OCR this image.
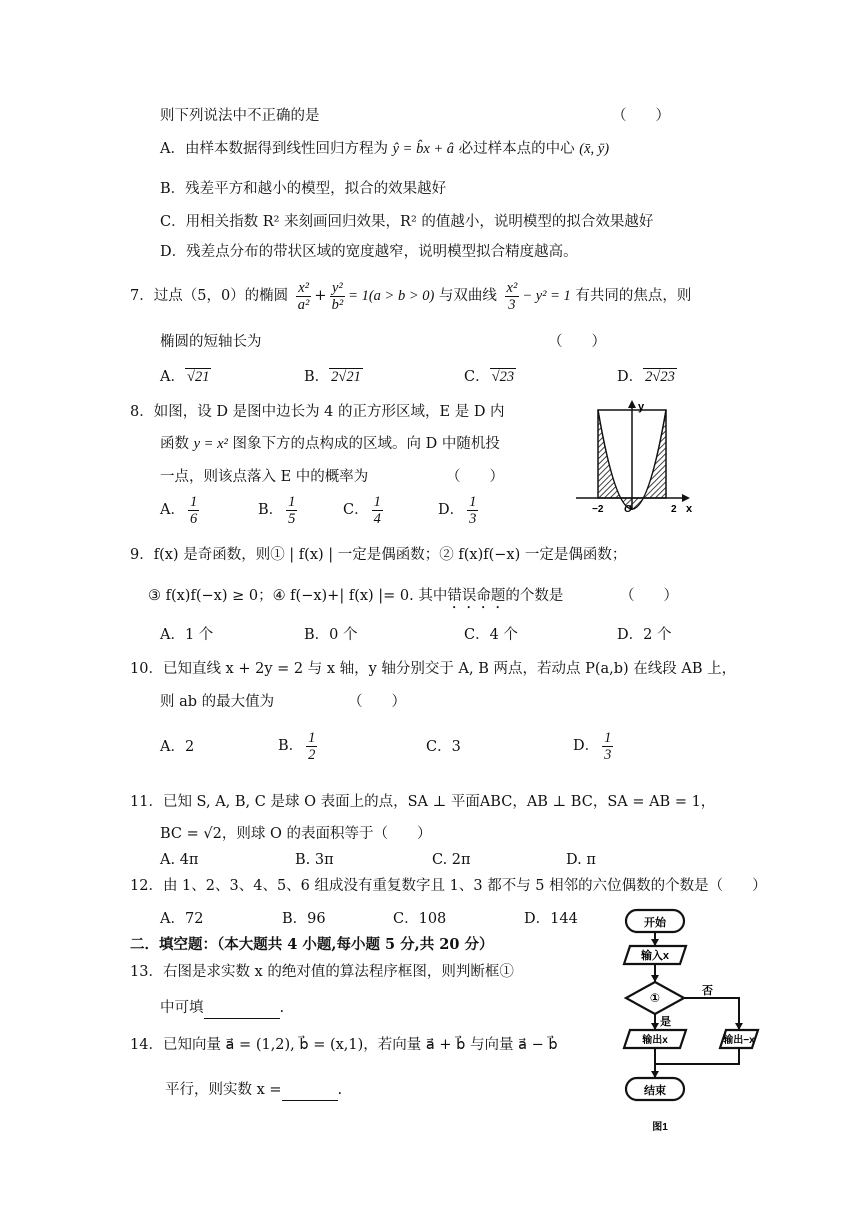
则下列说法中不正确的是	（　　）
A．由样本数据得到线性回归方程为 ŷ = b̂x + â 必过样本点的中心 (x̄, ȳ)
B．残差平方和越小的模型，拟合的效果越好
C．用相关指数 R² 来刻画回归效果，R² 的值越小，说明模型的拟合效果越好
D．残差点分布的带状区域的宽度越窄，说明模型拟合精度越高。
7．过点（5，0）的椭圆 $\frac{\text{x²}}{\text{a²}} + \frac{\text{y²}}{\text{b²}} = 1(a > b > 0)$ 与双曲线 $\frac{\text{x²}}{3} - y^2 = 1$ 有共同的焦点，则
椭圆的短轴长为	（　　）
A． √21	B． 2√21	C． √23	D． 2√23
8．如图，设 D 是图中边长为 4 的正方形区域，E 是 D 内
函数 y = x² 图象下方的点构成的区域。向 D 中随机投
一点，则该点落入 E 中的概率为	（　　）
A． $\frac{1}{6}$	B． $\frac{1}{5}$	C． $\frac{1}{4}$	D． $\frac{1}{3}$
y
x
−2 O	2
9．f(x) 是奇函数，则① | f(x) | 一定是偶函数；② f(x)f(−x) 一定是偶函数；
③ f(x)f(−x) ≥ 0；④ f(−x)+| f(x) |= 0. 其中错误命题的个数是	（　　）
A．1 个	B．0 个	C．4 个	D．2 个
10．已知直线 x + 2y = 2 与 x 轴，y 轴分别交于 A, B 两点，若动点 P(a,b) 在线段 AB 上，
则 ab 的最大值为	（　　）
A．2	B． $\frac{1}{2}$	C．3	D． $\frac{1}{3}$
11．已知 S, A, B, C 是球 O 表面上的点，SA ⊥ 平面ABC，AB ⊥ BC，SA = AB = 1，
BC = √2，则球 O 的表面积等于（　　）
A. 4π	B. 3π	C. 2π	D. π
12．由 1、2、3、4、5、6 组成没有重复数字且 1、3 都不与 5 相邻的六位偶数的个数是（　　）
A．72	B．96	C．108	D．144
二．填空题：（本大题共 4 小题,每小题 5 分,共 20 分）
13．右图是求实数 x 的绝对值的算法程序框图，则判断框①
中可填	.
14．已知向量 a⃗ = (1,2), b⃗ = (x,1)，若向量 a⃗ + b⃗ 与向量 a⃗ − b⃗
平行，则实数 x =	.
开始
输入x
①	否
是
输出x	输出−x
结束
图1
